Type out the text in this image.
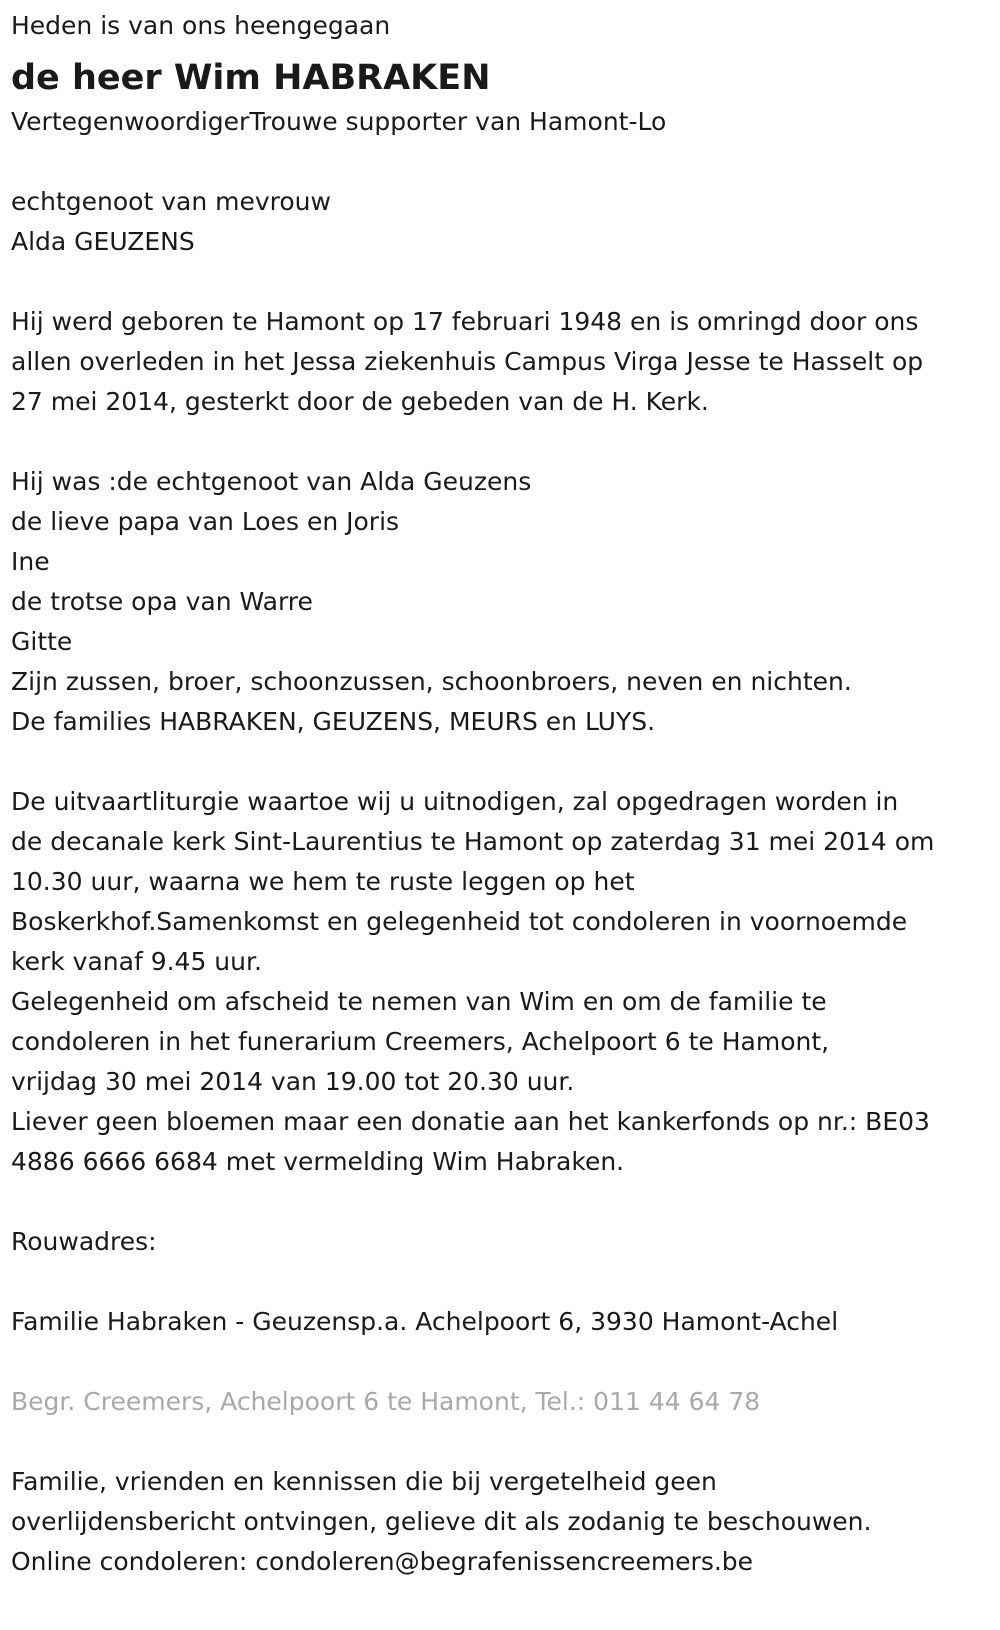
Heden is van ons heengegaan

de heer Wim HABRAKEN

VertegenwoordigerTrouwe supporter van Hamont-Lo

echtgenoot van mevrouw

Alda GEUZENS

Hij werd geboren te Hamont op 17 februari 1948 en is omringd door ons

allen overleden in het Jessa ziekenhuis Campus Virga Jesse te Hasselt op

27 mei 2014, gesterkt door de gebeden van de H. Kerk.

Hij was :de echtgenoot van Alda Geuzens

de lieve papa van Loes en Joris

Ine

de trotse opa van Warre

Gitte

Zijn zussen, broer, schoonzussen, schoonbroers, neven en nichten.

De families HABRAKEN, GEUZENS, MEURS en LUYS.

De uitvaartliturgie waartoe wij u uitnodigen, zal opgedragen worden in

de decanale kerk Sint-Laurentius te Hamont op zaterdag 31 mei 2014 om

10.30 uur, waarna we hem te ruste leggen op het

Boskerkhof.Samenkomst en gelegenheid tot condoleren in voornoemde

kerk vanaf 9.45 uur.

Gelegenheid om afscheid te nemen van Wim en om de familie te

condoleren in het funerarium Creemers, Achelpoort 6 te Hamont,

vrijdag 30 mei 2014 van 19.00 tot 20.30 uur.

Liever geen bloemen maar een donatie aan het kankerfonds op nr.: BE03

4886 6666 6684 met vermelding Wim Habraken.

Rouwadres:

Familie Habraken - Geuzensp.a. Achelpoort 6, 3930 Hamont-Achel

Begr. Creemers, Achelpoort 6 te Hamont, Tel.: 011 44 64 78

Familie, vrienden en kennissen die bij vergetelheid geen

overlijdensbericht ontvingen, gelieve dit als zodanig te beschouwen.

Online condoleren: condoleren@begrafenissencreemers.be
